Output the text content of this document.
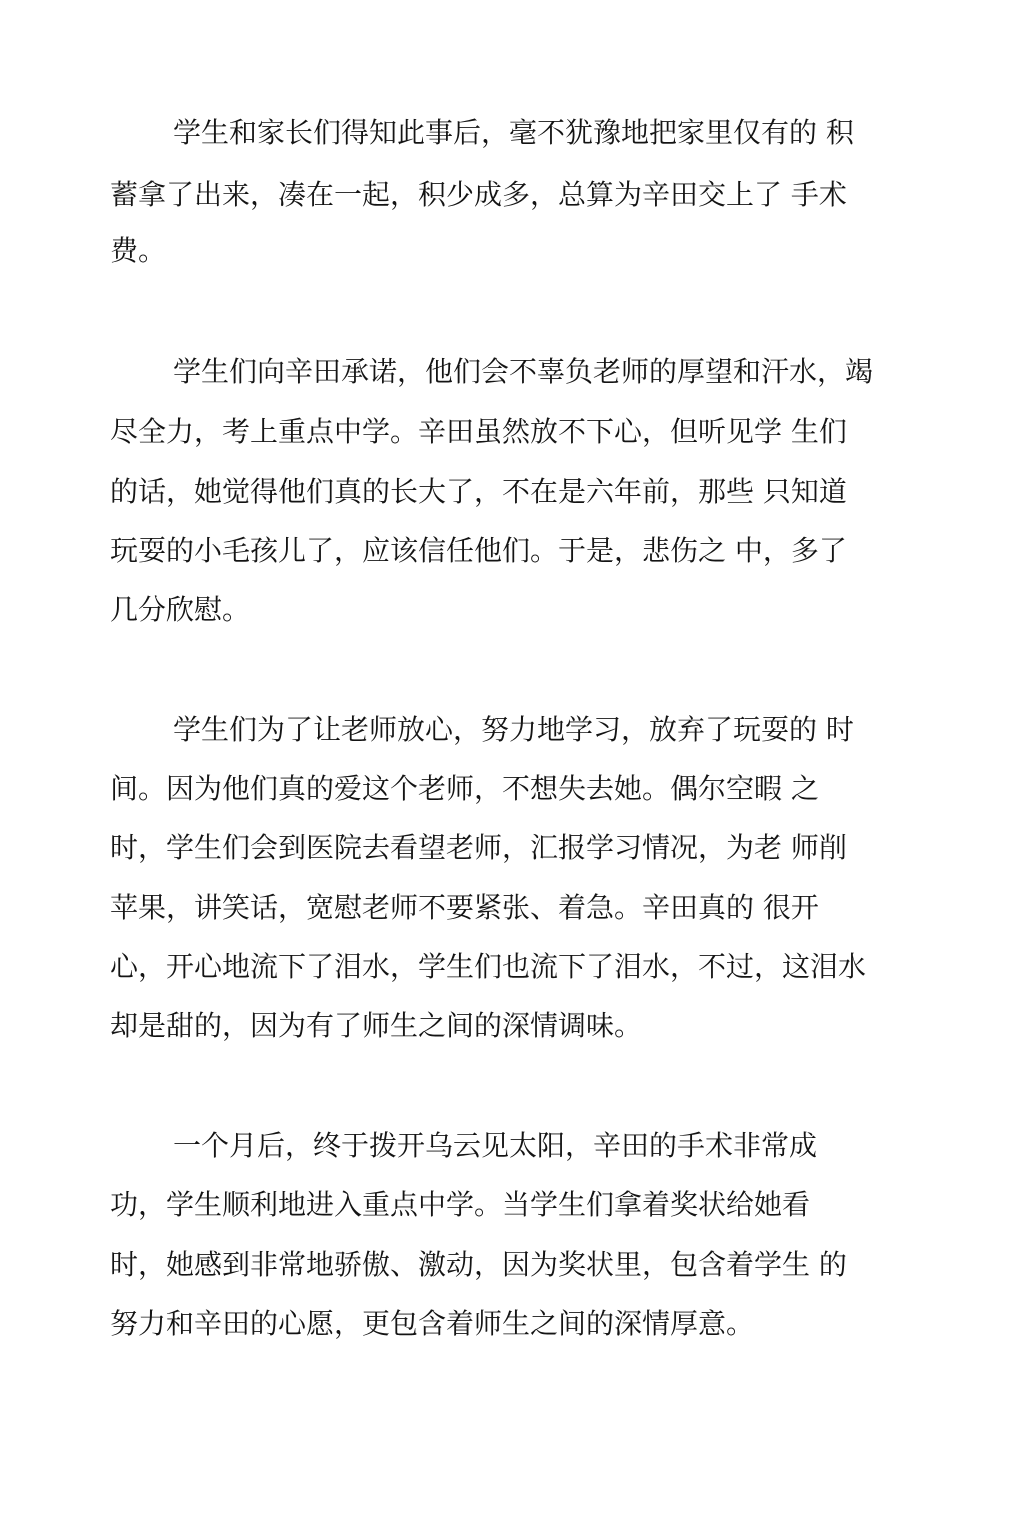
学生和家长们得知此事后，毫不犹豫地把家里仅有的 积
蓄拿了出来，凑在一起，积少成多，总算为辛田交上了 手术
费。
学生们向辛田承诺，他们会不辜负老师的厚望和汗水，竭
尽全力，考上重点中学。辛田虽然放不下心，但听见学 生们
的话，她觉得他们真的长大了，不在是六年前，那些 只知道
玩耍的小毛孩儿了，应该信任他们。于是，悲伤之 中，多了
几分欣慰。
学生们为了让老师放心，努力地学习，放弃了玩耍的 时
间。因为他们真的爱这个老师，不想失去她。偶尔空暇 之
时，学生们会到医院去看望老师，汇报学习情况，为老 师削
苹果，讲笑话，宽慰老师不要紧张、着急。辛田真的 很开
心，开心地流下了泪水，学生们也流下了泪水，不过，这泪水
却是甜的，因为有了师生之间的深情调味。
一个月后，终于拨开乌云见太阳，辛田的手术非常成
功，学生顺利地进入重点中学。当学生们拿着奖状给她看
时，她感到非常地骄傲、激动，因为奖状里，包含着学生 的
努力和辛田的心愿，更包含着师生之间的深情厚意。
